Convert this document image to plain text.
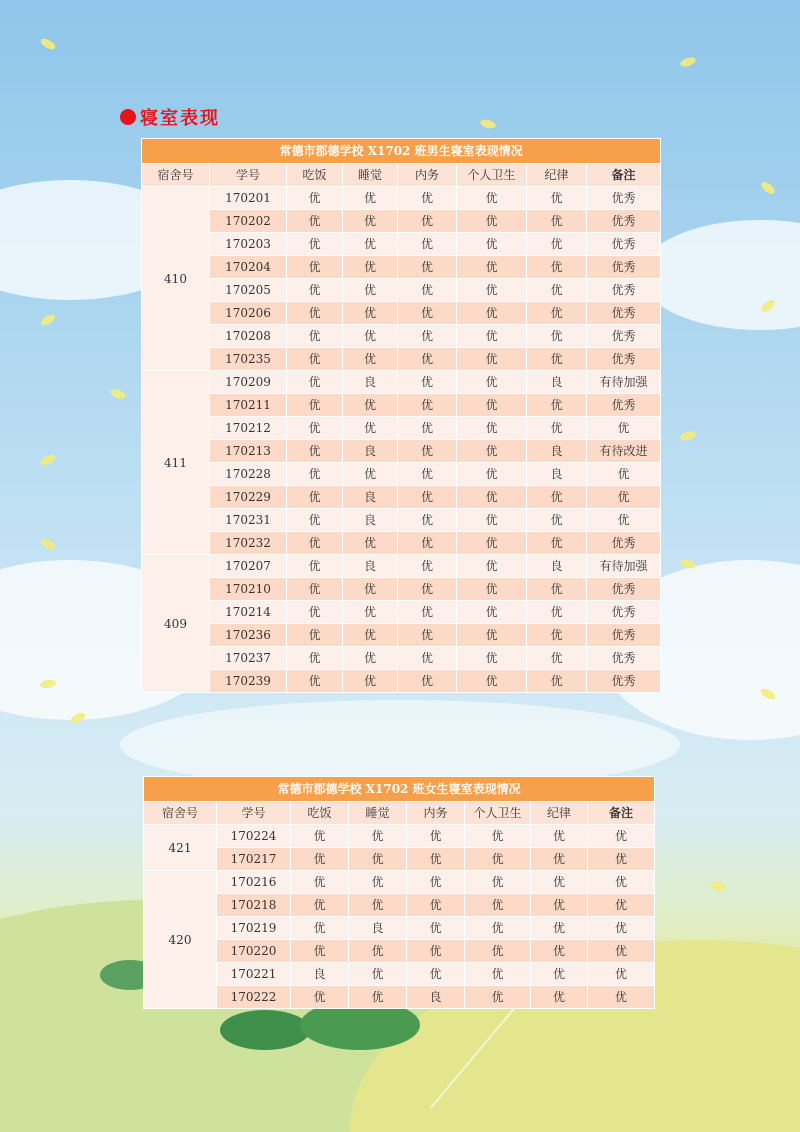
寝室表现
常德市郡德学校 X1702 班男生寝室表现情况							
宿舍号	学号	吃饭	睡觉	内务	个人卫生	纪律	备注
410	170201	优	优	优	优	优	优秀
	170202	优	优	优	优	优	优秀
	170203	优	优	优	优	优	优秀
	170204	优	优	优	优	优	优秀
	170205	优	优	优	优	优	优秀
	170206	优	优	优	优	优	优秀
	170208	优	优	优	优	优	优秀
	170235	优	优	优	优	优	优秀
411	170209	优	良	优	优	良	有待加强
	170211	优	优	优	优	优	优秀
	170212	优	优	优	优	优	优
	170213	优	良	优	优	良	有待改进
	170228	优	优	优	优	良	优
	170229	优	良	优	优	优	优
	170231	优	良	优	优	优	优
	170232	优	优	优	优	优	优秀
409	170207	优	良	优	优	良	有待加强
	170210	优	优	优	优	优	优秀
	170214	优	优	优	优	优	优秀
	170236	优	优	优	优	优	优秀
	170237	优	优	优	优	优	优秀
	170239	优	优	优	优	优	优秀
常德市郡德学校 X1702 班女生寝室表现情况							
宿舍号	学号	吃饭	睡觉	内务	个人卫生	纪律	备注
421	170224	优	优	优	优	优	优
	170217	优	优	优	优	优	优
420	170216	优	优	优	优	优	优
	170218	优	优	优	优	优	优
	170219	优	良	优	优	优	优
	170220	优	优	优	优	优	优
	170221	良	优	优	优	优	优
	170222	优	优	良	优	优	优
